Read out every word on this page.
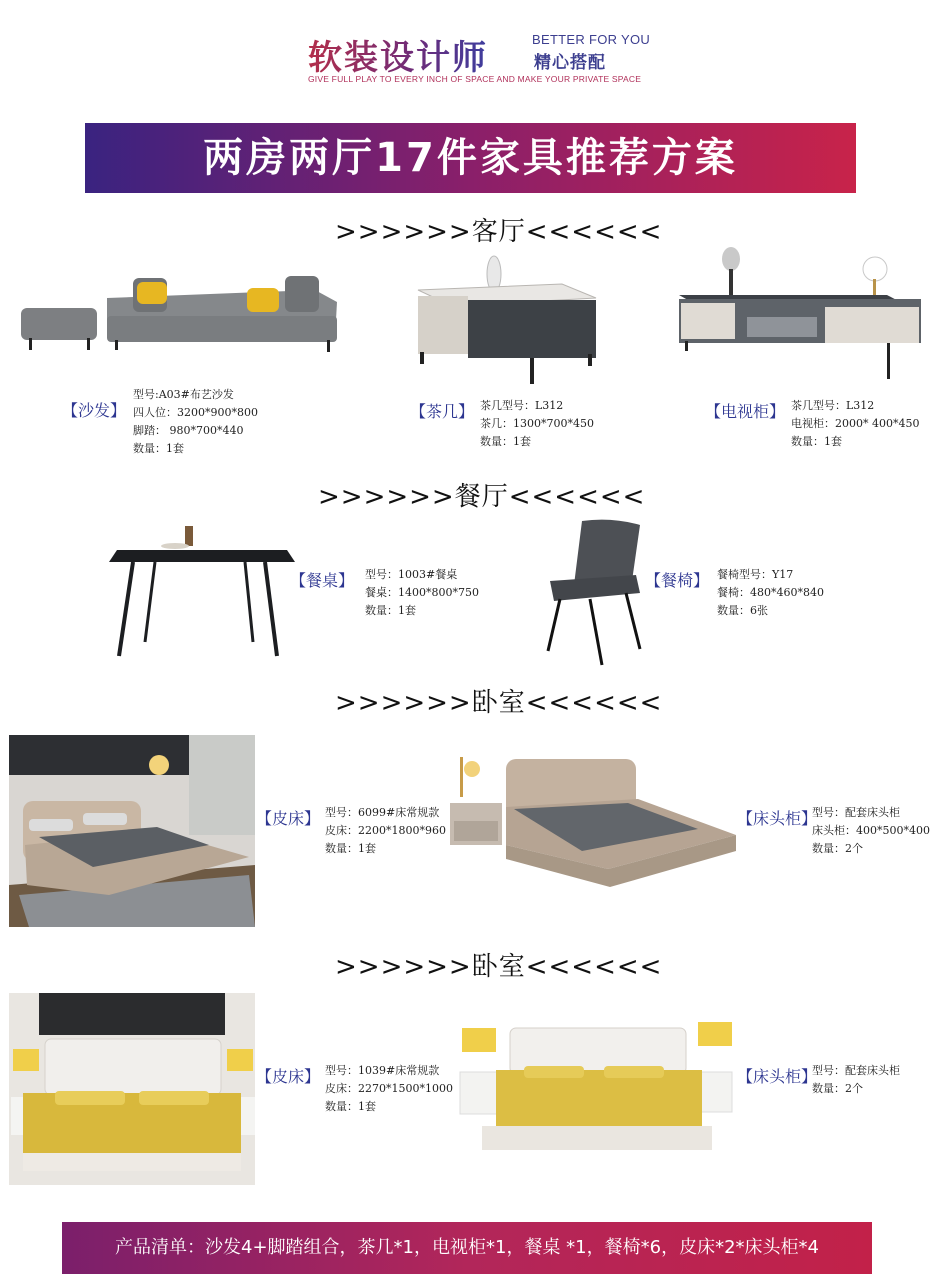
软装设计师	BETTER FOR YOU
精心搭配
GIVE FULL PLAY TO EVERY INCH OF SPACE AND MAKE YOUR PRIVATE SPACE
两房两厅17件家具推荐方案
>>>>>>客厅<<<<<<
【沙发】
型号:A03#布艺沙发
四人位：3200*900*800
脚踏： 980*700*440
数量：1套
【茶几】 茶几型号：L312
茶几：1300*700*450
数量：1套
【电视柜】 茶几型号：L312
电视柜：2000* 400*450
数量：1套
>>>>>>餐厅<<<<<<
【餐桌】 型号：1003#餐桌
餐桌：1400*800*750
数量：1套
【餐椅】 餐椅型号：Y17
餐椅：480*460*840
数量：6张
>>>>>>卧室<<<<<<
【皮床】 型号：6099#床常规款
皮床：2200*1800*960
数量：1套
【床头柜】
型号：配套床头柜
床头柜：400*500*400
数量：2个
>>>>>>卧室<<<<<<
【皮床】 型号：1039#床常规款
皮床：2270*1500*1000
数量：1套
【床头柜】
型号：配套床头柜
数量：2个
产品清单：沙发4+脚踏组合，茶几*1，电视柜*1，餐桌 *1，餐椅*6，皮床*2*床头柜*4
